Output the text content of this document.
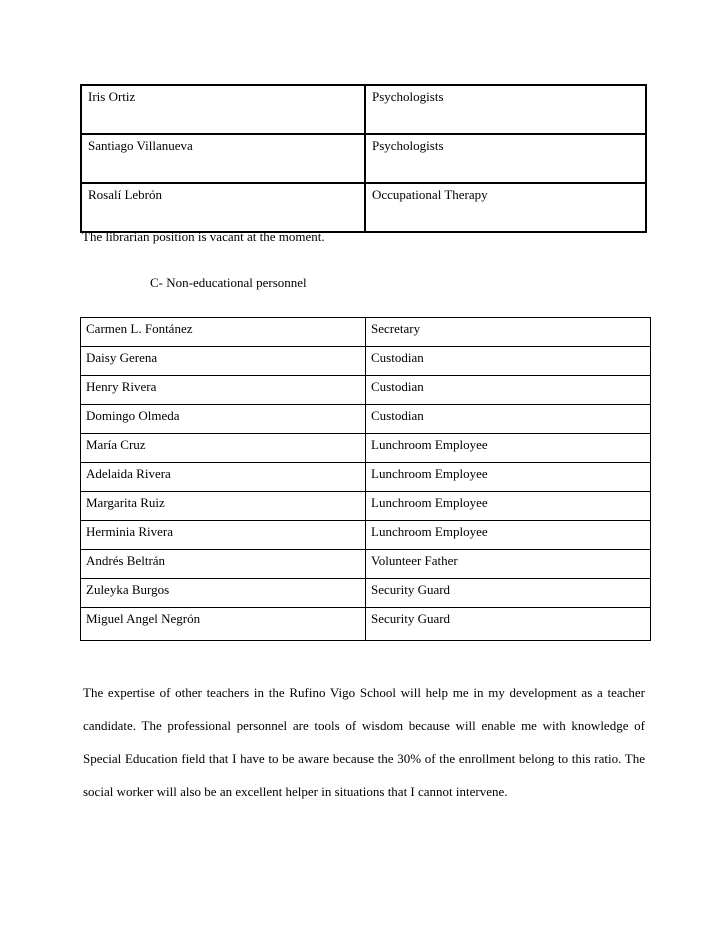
Iris Ortiz	Psychologists
Santiago Villanueva	Psychologists
Rosalí Lebrón	Occupational Therapy
The librarian position is vacant at the moment.
C- Non-educational personnel
Carmen L. Fontánez	Secretary
Daisy Gerena	Custodian
Henry Rivera	Custodian
Domingo Olmeda	Custodian
María Cruz	Lunchroom Employee
Adelaida Rivera	Lunchroom Employee
Margarita Ruiz	Lunchroom Employee
Herminia Rivera	Lunchroom Employee
Andrés Beltrán	Volunteer Father
Zuleyka Burgos	Security Guard
Miguel Angel Negrón	Security Guard

The expertise of other teachers in the Rufino Vigo School will help me in my development as a teacher candidate. The professional personnel are tools of wisdom because will enable me with knowledge of Special Education field that I have to be aware because the 30% of the enrollment belong to this ratio. The social worker will also be an excellent helper in situations that I cannot intervene.
